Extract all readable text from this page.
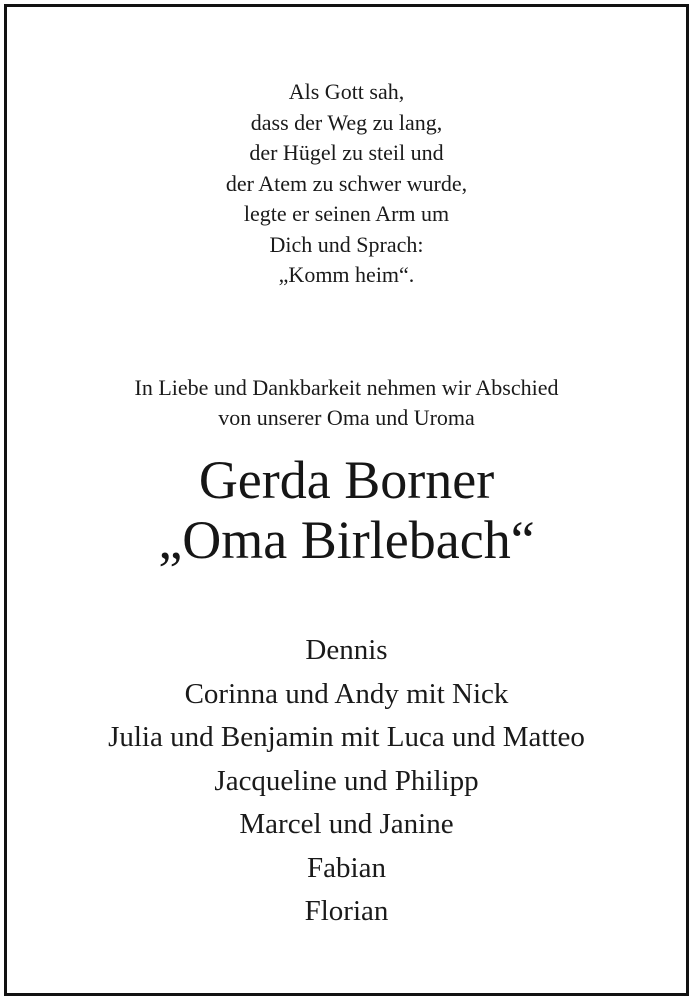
Als Gott sah,
dass der Weg zu lang,
der Hügel zu steil und
der Atem zu schwer wurde,
legte er seinen Arm um
Dich und Sprach:
„Komm heim“.
In Liebe und Dankbarkeit nehmen wir Abschied
von unserer Oma und Uroma
Gerda Borner
„Oma Birlebach“
Dennis
Corinna und Andy mit Nick
Julia und Benjamin mit Luca und Matteo
Jacqueline und Philipp
Marcel und Janine
Fabian
Florian
